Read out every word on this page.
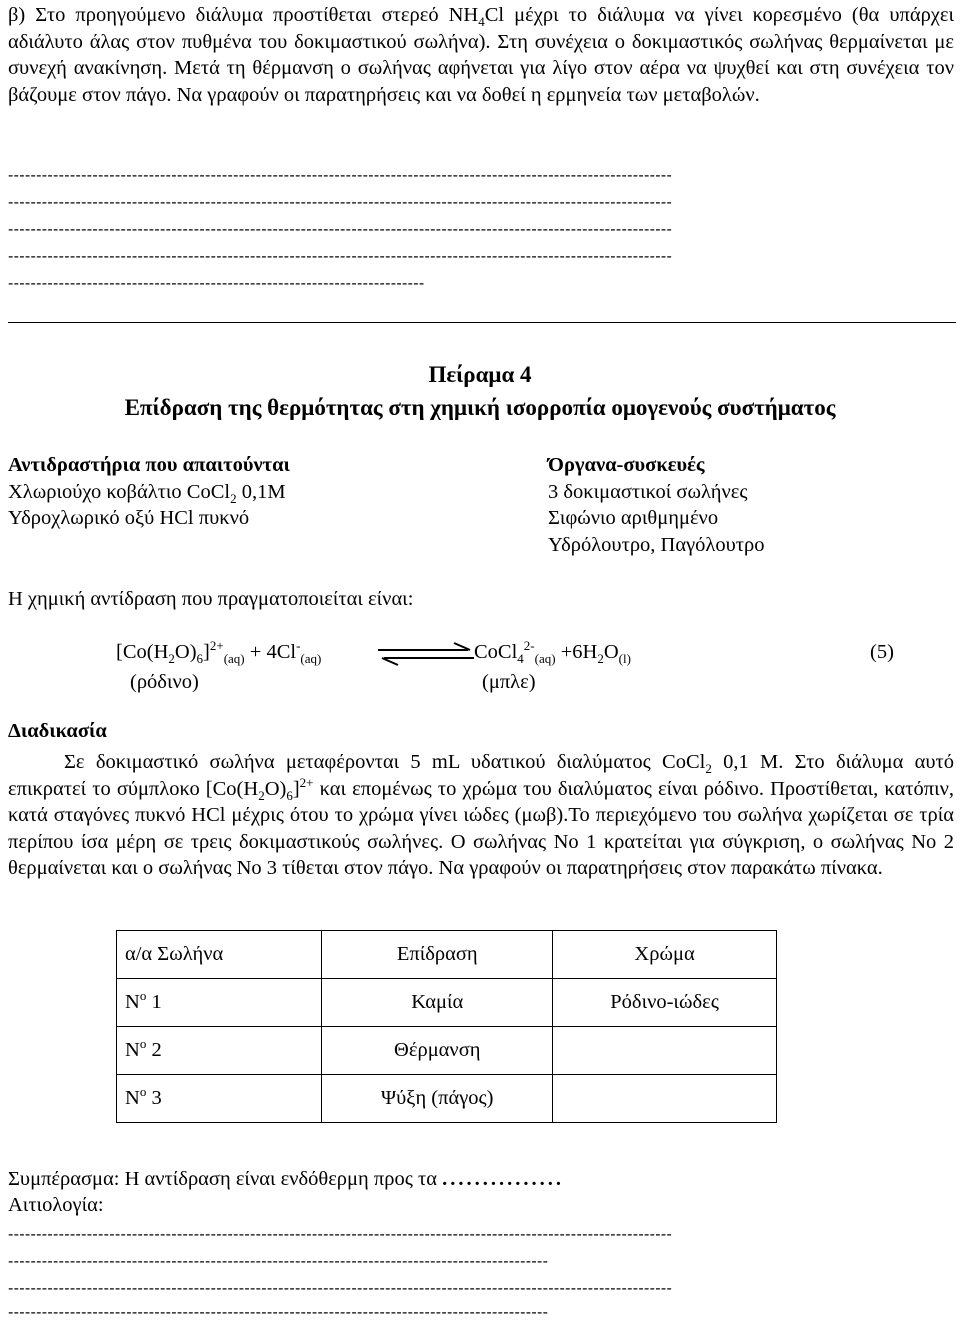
β) Στο προηγούμενο διάλυμα προστίθεται στερεό $NH_4Cl$ μέχρι το διάλυμα να γίνει κορεσμένο (θα υπάρχει αδιάλυτο άλας στον πυθμένα του δοκιμαστικού σωλήνα). Στη συνέχεια ο δοκιμαστικός σωλήνας θερμαίνεται με συνεχή ανακίνηση. Μετά τη θέρμανση ο σωλήνας αφήνεται για λίγο στον αέρα να ψυχθεί και στη συνέχεια τον βάζουμε στον πάγο. Να γραφούν οι παρατηρήσεις και να δοθεί η ερμηνεία των μεταβολών.
----------------------------------------------------------------------------------------------------------------------
----------------------------------------------------------------------------------------------------------------------
----------------------------------------------------------------------------------------------------------------------
----------------------------------------------------------------------------------------------------------------------
--------------------------------------------------------------------------
Πείραμα 4
Επίδραση της θερμότητας στη χημική ισορροπία ομογενούς συστήματος
Αντιδραστήρια που απαιτούνται
Χλωριούχο κοβάλτιο CoCl$_2$ 0,1Μ
Υδροχλωρικό οξύ HCl πυκνό
Όργανα-συσκευές
3 δοκιμαστικοί σωλήνες
Σιφώνιο αριθμημένο
Υδρόλουτρο, Παγόλουτρο
Η χημική αντίδραση που πραγματοποιείται είναι:
$[Co(H_2O)_6]^{2+}_{(aq)} + 4Cl^-_{(aq)}$	CoCl$_4^{2-}_{(aq)}$ $+6H_2O_{(l)}$	(5)
(ρόδινο)	(μπλε)
Διαδικασία
Σε δοκιμαστικό σωλήνα μεταφέρονται 5 mL υδατικού διαλύματος CoCl$_2$ 0,1 M. Στο διάλυμα αυτό επικρατεί το σύμπλοκο $[Co(H_2O)_6]^{2+}$ και επομένως το χρώμα του διαλύματος είναι ρόδινο. Προστίθεται, κατόπιν, κατά σταγόνες πυκνό HCl μέχρις ότου το χρώμα γίνει ιώδες (μωβ).Το περιεχόμενο του σωλήνα χωρίζεται σε τρία περίπου ίσα μέρη σε τρεις δοκιμαστικούς σωλήνες. Ο σωλήνας Νο 1 κρατείται για σύγκριση, ο σωλήνας Νο 2 θερμαίνεται και ο σωλήνας Νο 3 τίθεται στον πάγο. Να γραφούν οι παρατηρήσεις στον παρακάτω πίνακα.
α/α Σωλήνα	Επίδραση	Χρώμα
$N^o$ 1	Καμία	Ρόδινο-ιώδες
$N^o$ 2	Θέρμανση	
$N^o$ 3	Ψύξη (πάγος)	
Συμπέρασμα: Η αντίδραση είναι ενδόθερμη προς τα ...............
Αιτιολογία:
----------------------------------------------------------------------------------------------------------------------
------------------------------------------------------------------------------------------------
----------------------------------------------------------------------------------------------------------------------
------------------------------------------------------------------------------------------------
